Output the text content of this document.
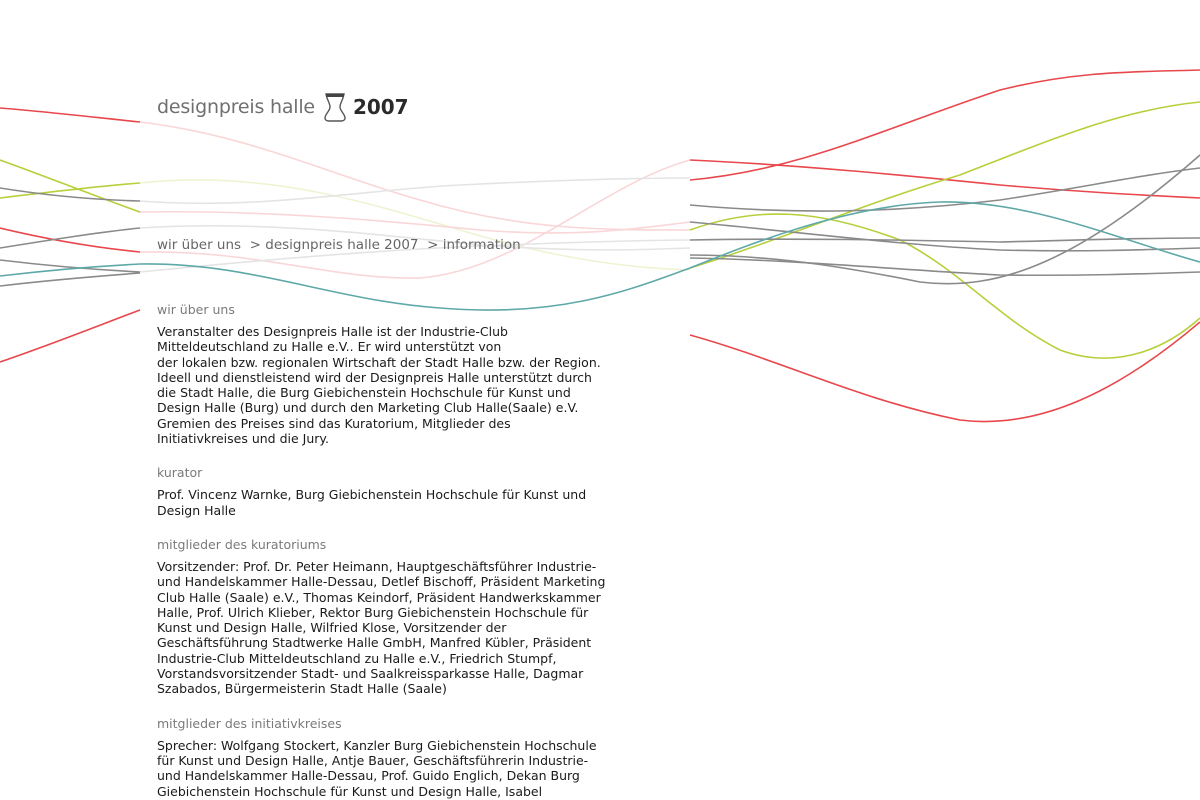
designpreis halle 2007
wir über uns  > designpreis halle 2007  > information
wir über uns

Veranstalter des Designpreis Halle ist der Industrie-Club
Mitteldeutschland zu Halle e.V.. Er wird unterstützt von
der lokalen bzw. regionalen Wirtschaft der Stadt Halle bzw. der Region.
Ideell und dienstleistend wird der Designpreis Halle unterstützt durch
die Stadt Halle, die Burg Giebichenstein Hochschule für Kunst und
Design Halle (Burg) und durch den Marketing Club Halle(Saale) e.V.
Gremien des Preises sind das Kuratorium, Mitglieder des
Initiativkreises und die Jury.

kurator

Prof. Vincenz Warnke, Burg Giebichenstein Hochschule für Kunst und
Design Halle

mitglieder des kuratoriums

Vorsitzender: Prof. Dr. Peter Heimann, Hauptgeschäftsführer Industrie-
und Handelskammer Halle-Dessau, Detlef Bischoff, Präsident Marketing
Club Halle (Saale) e.V., Thomas Keindorf, Präsident Handwerkskammer
Halle, Prof. Ulrich Klieber, Rektor Burg Giebichenstein Hochschule für
Kunst und Design Halle, Wilfried Klose, Vorsitzender der
Geschäftsführung Stadtwerke Halle GmbH, Manfred Kübler, Präsident
Industrie-Club Mitteldeutschland zu Halle e.V., Friedrich Stumpf,
Vorstandsvorsitzender Stadt- und Saalkreissparkasse Halle, Dagmar
Szabados, Bürgermeisterin Stadt Halle (Saale)

mitglieder des initiativkreises

Sprecher: Wolfgang Stockert, Kanzler Burg Giebichenstein Hochschule
für Kunst und Design Halle, Antje Bauer, Geschäftsführerin Industrie-
und Handelskammer Halle-Dessau, Prof. Guido Englich, Dekan Burg
Giebichenstein Hochschule für Kunst und Design Halle, Isabel
